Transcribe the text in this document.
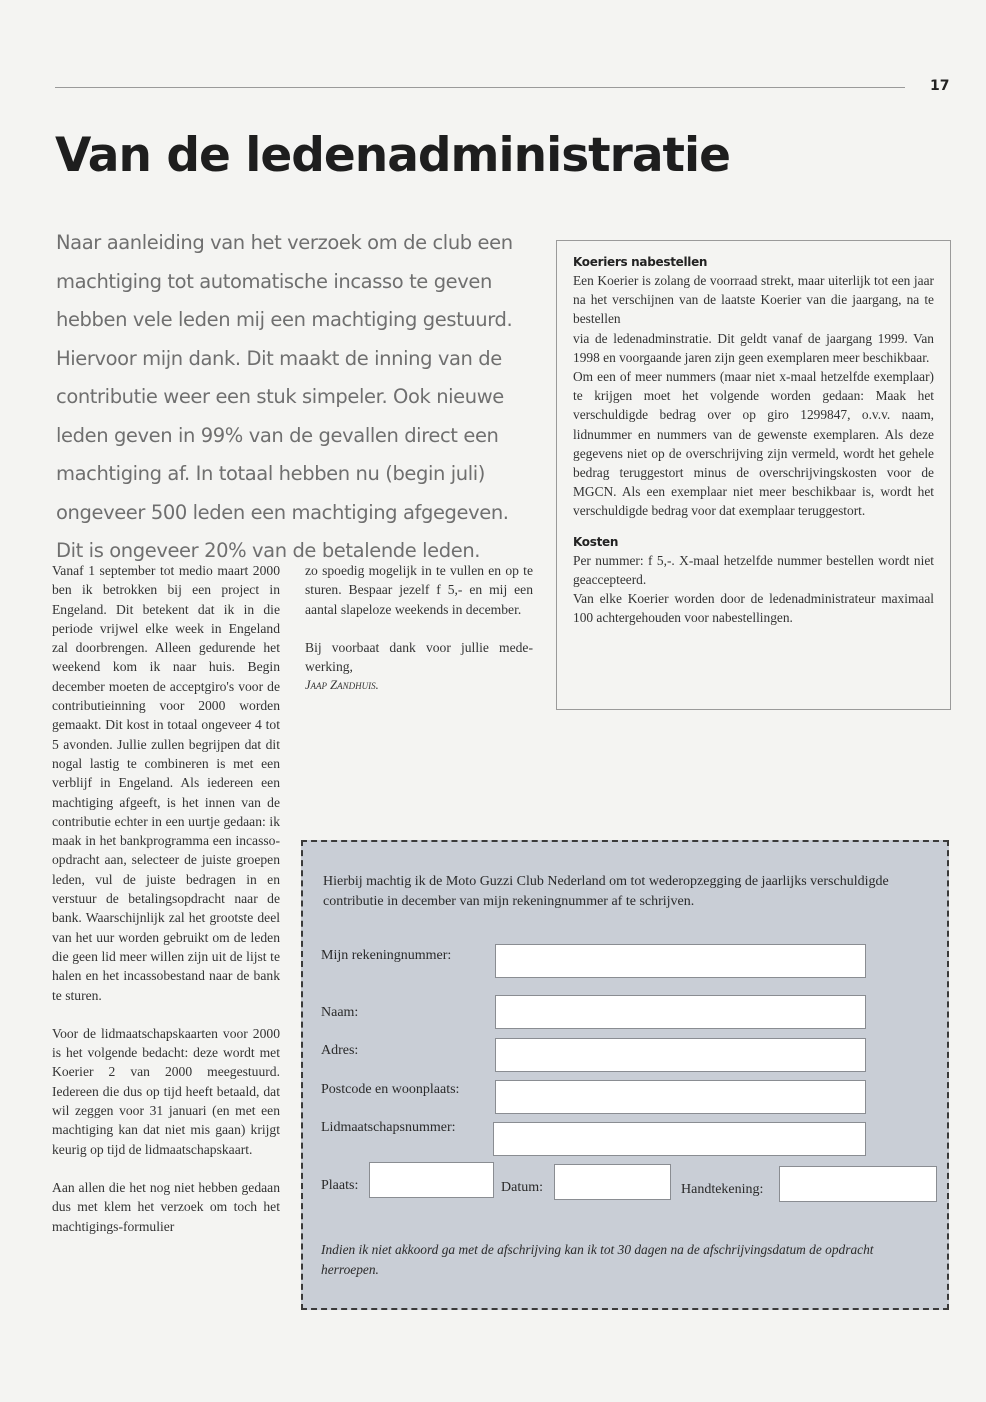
17
Van de ledenadministratie

Naar aanleiding van het verzoek om de club een machtiging tot automatische incasso te geven hebben vele leden mij een machtiging gestuurd. Hiervoor mijn dank. Dit maakt de inning van de contributie weer een stuk simpeler. Ook nieuwe leden geven in 99% van de gevallen direct een machtiging af. In totaal hebben nu (begin juli) ongeveer 500 leden een machtiging afgegeven. Dit is ongeveer 20% van de betalende leden.

Vanaf 1 september tot medio maart 2000 ben ik betrokken bij een project in Engeland. Dit betekent dat ik in die periode vrijwel elke week in Engeland zal doorbrengen. Alleen gedurende het weekend kom ik naar huis. Begin december moeten de acceptgiro's voor de contributieinning voor 2000 worden gemaakt. Dit kost in totaal ongeveer 4 tot 5 avonden. Jullie zullen begrijpen dat dit nogal lastig te combineren is met een verblijf in Engeland. Als iedereen een machtiging afgeeft, is het innen van de contributie echter in een uurtje gedaan: ik maak in het bankprogramma een incassoopdracht aan, selecteer de juiste groepen leden, vul de juiste bedragen in en verstuur de betalingsopdracht naar de bank. Waarschijnlijk zal het grootste deel van het uur worden gebruikt om de leden die geen lid meer willen zijn uit de lijst te halen en het incassobestand naar de bank te sturen.

Voor de lidmaatschapskaarten voor 2000 is het volgende bedacht: deze wordt met Koerier 2 van 2000 meegestuurd. Iedereen die dus op tijd heeft betaald, dat wil zeggen voor 31 januari (en met een machtiging kan dat niet mis gaan) krijgt keurig op tijd de lidmaatschapskaart.

Aan allen die het nog niet hebben gedaan dus met klem het verzoek om toch het machtigings-formulier

zo spoedig mogelijk in te vullen en op te sturen. Bespaar jezelf f 5,- en mij een aantal slapeloze weekends in december.

Bij voorbaat dank voor jullie medewerking,

Jaap Zandhuis.
Koeriers nabestellen

Een Koerier is zolang de voorraad strekt, maar uiterlijk tot een jaar na het verschijnen van de laatste Koerier van die jaargang, na te bestellen

via de ledenadminstratie. Dit geldt vanaf de jaargang 1999. Van 1998 en voorgaande jaren zijn geen exemplaren meer beschikbaar.

Om een of meer nummers (maar niet x-maal hetzelfde exemplaar) te krijgen moet het volgende worden gedaan: Maak het verschuldigde bedrag over op giro 1299847, o.v.v. naam, lidnummer en nummers van de gewenste exemplaren. Als deze gegevens niet op de overschrijving zijn vermeld, wordt het gehele bedrag teruggestort minus de overschrijvingskosten voor de MGCN. Als een exemplaar niet meer beschikbaar is, wordt het verschuldigde bedrag voor dat exemplaar teruggestort.

Kosten

Per nummer: f 5,-. X-maal hetzelfde nummer bestellen wordt niet geaccepteerd.

Van elke Koerier worden door de ledenadministrateur maximaal 100 achtergehouden voor nabestellingen.

Hierbij machtig ik de Moto Guzzi Club Nederland om tot wederopzegging de jaarlijks verschuldigde contributie in december van mijn rekeningnummer af te schrijven.

Mijn rekeningnummer:
Naam:
Adres:
Postcode en woonplaats:
Lidmaatschapsnummer:
Plaats:	Datum:	Handtekening:

Indien ik niet akkoord ga met de afschrijving kan ik tot 30 dagen na de afschrijvingsdatum de opdracht herroepen.
